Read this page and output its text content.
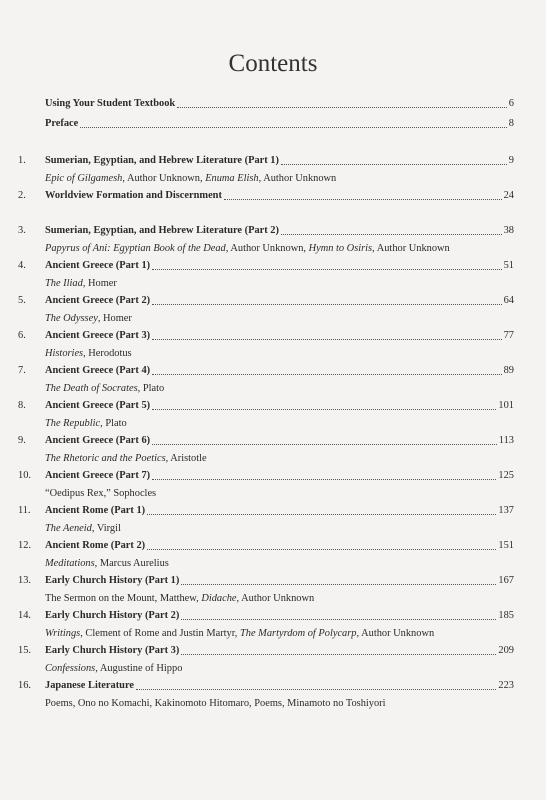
Contents
Using Your Student Textbook	6
Preface	8
1.	Sumerian, Egyptian, and Hebrew Literature (Part 1)	9
Epic of Gilgamesh, Author Unknown, Enuma Elish, Author Unknown
2.	Worldview Formation and Discernment	24
3.	Sumerian, Egyptian, and Hebrew Literature (Part 2)	38
Papyrus of Ani: Egyptian Book of the Dead, Author Unknown, Hymn to Osiris, Author Unknown
4.	Ancient Greece (Part 1)	51
The Iliad, Homer
5.	Ancient Greece (Part 2)	64
The Odyssey, Homer
6.	Ancient Greece (Part 3)	77
Histories, Herodotus
7.	Ancient Greece (Part 4)	89
The Death of Socrates, Plato
8.	Ancient Greece (Part 5)	101
The Republic, Plato
9.	Ancient Greece (Part 6)	113
The Rhetoric and the Poetics, Aristotle
10.	Ancient Greece (Part 7)	125
“Oedipus Rex,” Sophocles
11.	Ancient Rome (Part 1)	137
The Aeneid, Virgil
12.	Ancient Rome (Part 2)	151
Meditations, Marcus Aurelius
13.	Early Church History (Part 1)	167
The Sermon on the Mount, Matthew, Didache, Author Unknown
14.	Early Church History (Part 2)	185
Writings, Clement of Rome and Justin Martyr, The Martyrdom of Polycarp, Author Unknown
15.	Early Church History (Part 3)	209
Confessions, Augustine of Hippo
16.	Japanese Literature	223
Poems, Ono no Komachi, Kakinomoto Hitomaro, Poems, Minamoto no Toshiyori
